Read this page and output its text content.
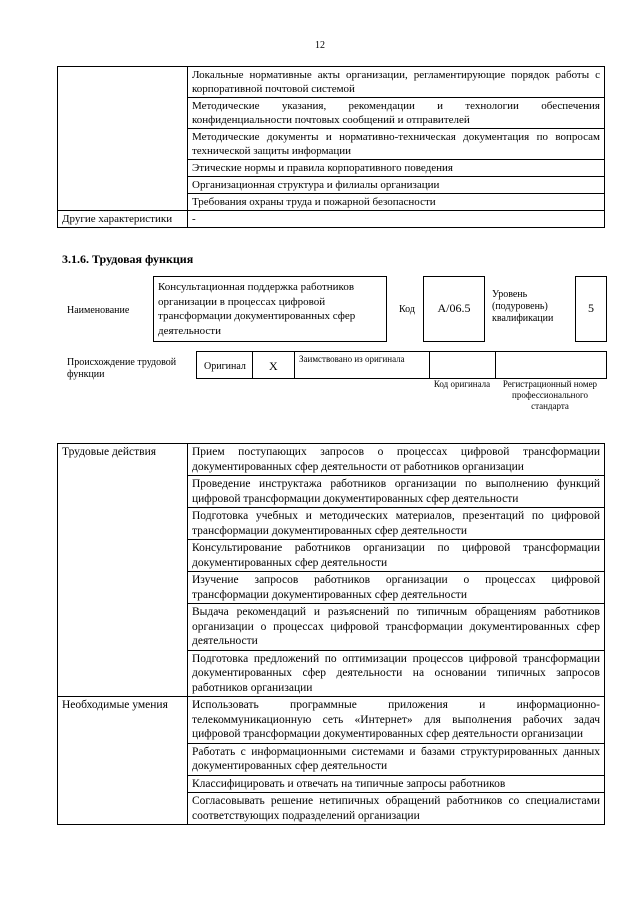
12
	Локальные нормативные акты организации, регламентирующие порядок работы с корпоративной почтовой системой
	Методические указания, рекомендации и технологии обеспечения конфиденциальности почтовых сообщений и отправителей
	Методические документы и нормативно-техническая документация по вопросам технической защиты информации
	Этические нормы и правила корпоративного поведения
	Организационная структура и филиалы организации
	Требования охраны труда и пожарной безопасности
Другие характеристики	-
3.1.6. Трудовая функция
Наименование
Консультационная поддержка работников организации в процессах цифровой трансформации документированных сфер деятельности
Код	А/06.5
Уровень (подуровень) квалификации
5
Происхождение трудовой функции
Оригинал X Заимствовано из оригинала
Код оригинала	Регистрационный номер профессионального стандарта
Трудовые действия	Прием поступающих запросов о процессах цифровой трансформации документированных сфер деятельности от работников организации
	Проведение инструктажа работников организации по выполнению функций цифровой трансформации документированных сфер деятельности
	Подготовка учебных и методических материалов, презентаций по цифровой трансформации документированных сфер деятельности
	Консультирование работников организации по цифровой трансформации документированных сфер деятельности
	Изучение запросов работников организации о процессах цифровой трансформации документированных сфер деятельности
	Выдача рекомендаций и разъяснений по типичным обращениям работников организации о процессах цифровой трансформации документированных сфер деятельности
	Подготовка предложений по оптимизации процессов цифровой трансформации документированных сфер деятельности на основании типичных запросов работников организации
Необходимые умения	Использовать программные приложения и информационно-телекоммуникационную сеть «Интернет» для выполнения рабочих задач цифровой трансформации документированных сфер деятельности организации
	Работать с информационными системами и базами структурированных данных документированных сфер деятельности
	Классифицировать и отвечать на типичные запросы работников
	Согласовывать решение нетипичных обращений работников со специалистами соответствующих подразделений организации
